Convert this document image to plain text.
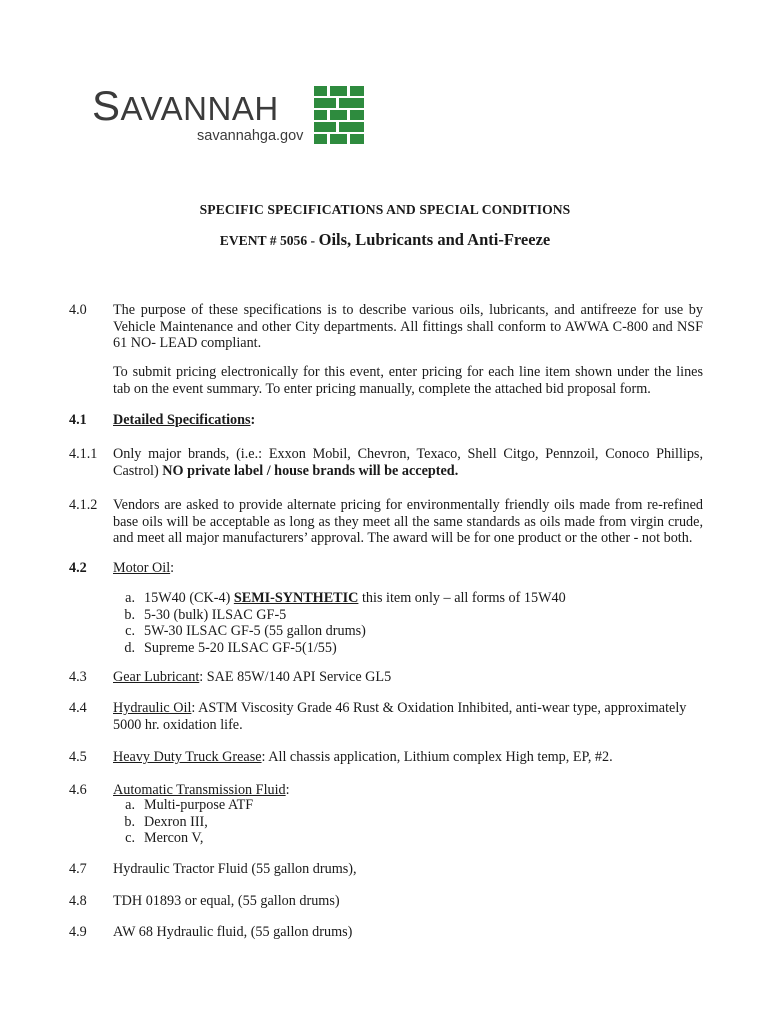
SAVANNAH
savannahga.gov
SPECIFIC SPECIFICATIONS AND SPECIAL CONDITIONS
EVENT # 5056 - Oils, Lubricants and Anti-Freeze
4.0 The purpose of these specifications is to describe various oils, lubricants, and antifreeze for use by Vehicle Maintenance and other City departments. All fittings shall conform to AWWA C-800 and NSF 61 NO- LEAD compliant.
To submit pricing electronically for this event, enter pricing for each line item shown under the lines tab on the event summary. To enter pricing manually, complete the attached bid proposal form.
4.1 Detailed Specifications:
4.1.1 Only major brands, (i.e.: Exxon Mobil, Chevron, Texaco, Shell Citgo, Pennzoil, Conoco Phillips, Castrol) NO private label / house brands will be accepted.
4.1.2 Vendors are asked to provide alternate pricing for environmentally friendly oils made from re-refined base oils will be acceptable as long as they meet all the same standards as oils made from virgin crude, and meet all major manufacturers’ approval. The award will be for one product or the other - not both.
4.2 Motor Oil:
a. 15W40 (CK-4) SEMI-SYNTHETIC this item only – all forms of 15W40
b. 5-30 (bulk) ILSAC GF-5
c. 5W-30 ILSAC GF-5 (55 gallon drums)
d. Supreme 5-20 ILSAC GF-5(1/55)
4.3 Gear Lubricant: SAE 85W/140 API Service GL5
4.4 Hydraulic Oil: ASTM Viscosity Grade 46 Rust & Oxidation Inhibited, anti-wear type, approximately 5000 hr. oxidation life.
4.5 Heavy Duty Truck Grease: All chassis application, Lithium complex High temp, EP, #2.
4.6 Automatic Transmission Fluid:
a. Multi-purpose ATF
b. Dexron III,
c. Mercon V,
4.7 Hydraulic Tractor Fluid (55 gallon drums),
4.8 TDH 01893 or equal, (55 gallon drums)
4.9 AW 68 Hydraulic fluid, (55 gallon drums)
